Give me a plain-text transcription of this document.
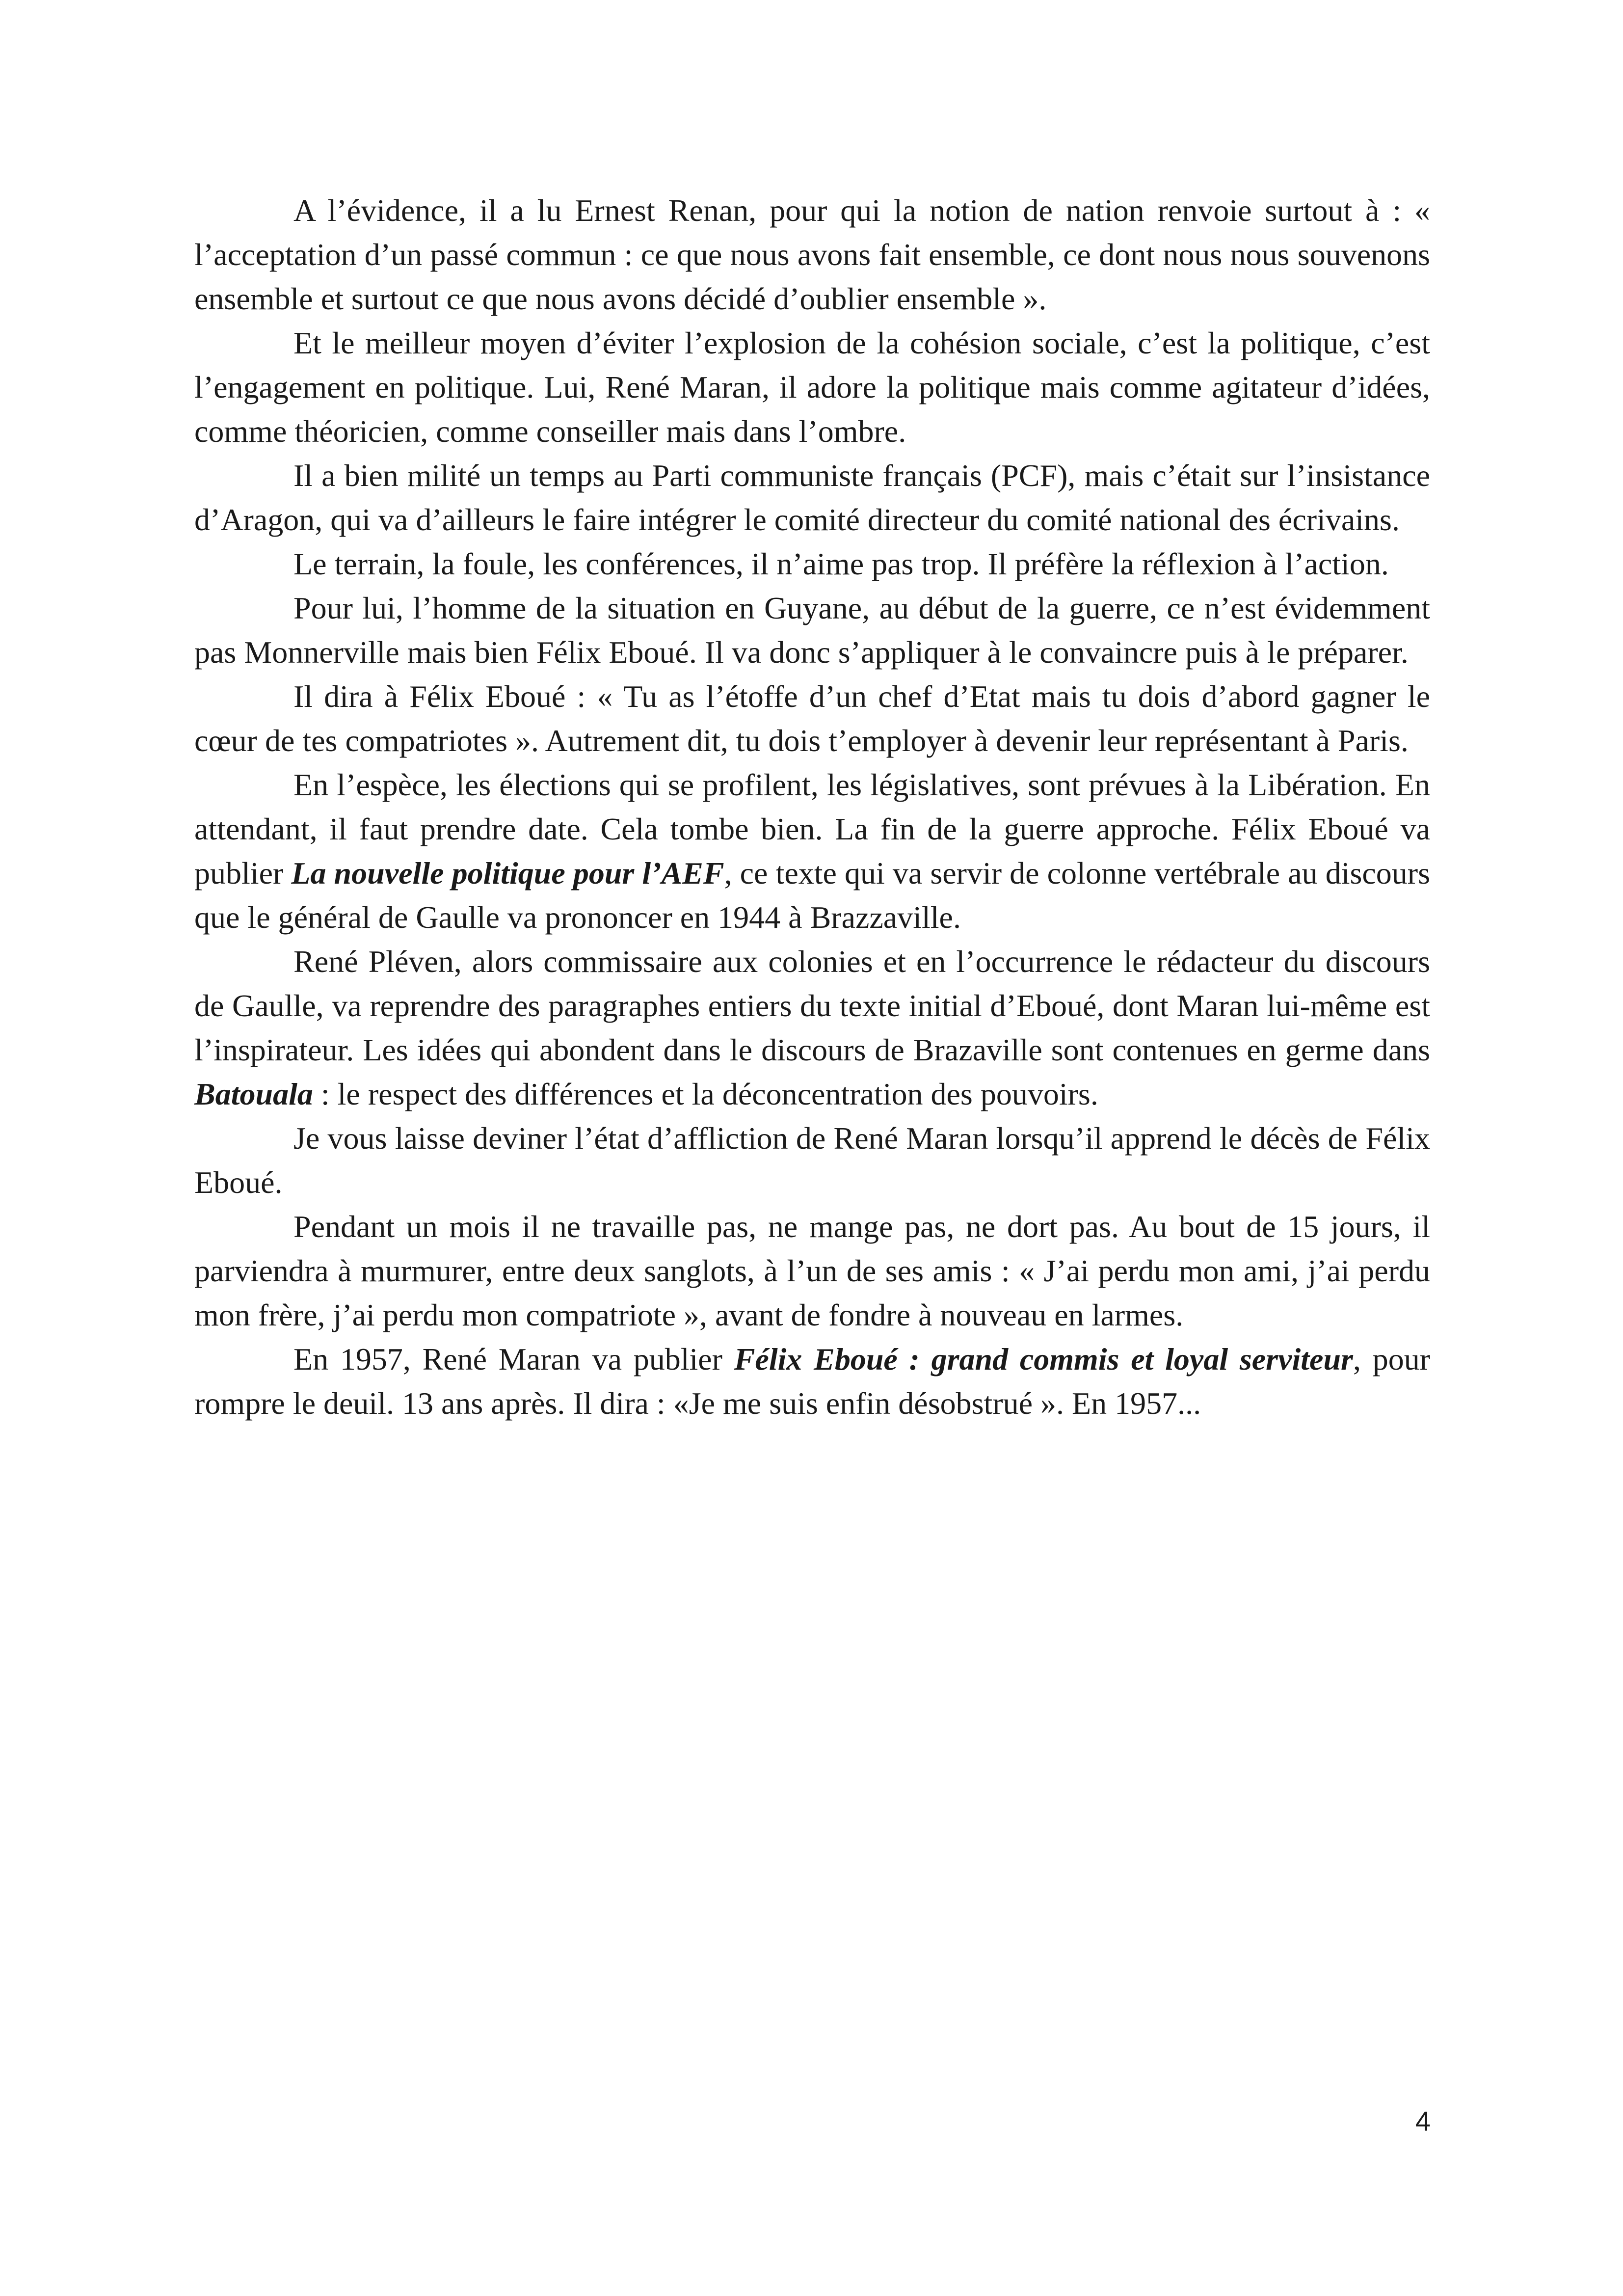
A l’évidence, il a lu Ernest Renan, pour qui la notion de nation renvoie surtout à : « l’acceptation d’un passé commun : ce que nous avons fait ensemble, ce dont nous nous souvenons ensemble et surtout ce que nous avons décidé d’oublier ensemble ».

Et le meilleur moyen d’éviter l’explosion de la cohésion sociale, c’est la politique, c’est l’engagement en politique. Lui, René Maran, il adore la politique mais comme agitateur d’idées, comme théoricien, comme conseiller mais dans l’ombre.

Il a bien milité un temps au Parti communiste français (PCF), mais c’était sur l’insistance d’Aragon, qui va d’ailleurs le faire intégrer le comité directeur du comité national des écrivains.

Le terrain, la foule, les conférences, il n’aime pas trop. Il préfère la réflexion à l’action.

Pour lui, l’homme de la situation en Guyane, au début de la guerre, ce n’est évidemment pas Monnerville mais bien Félix Eboué. Il va donc s’appliquer à le convaincre puis à le préparer.

Il dira à Félix Eboué : « Tu as l’étoffe d’un chef d’Etat mais tu dois d’abord gagner le cœur de tes compatriotes ». Autrement dit, tu dois t’employer à devenir leur représentant à Paris.

En l’espèce, les élections qui se profilent, les législatives, sont prévues à la Libération. En attendant, il faut prendre date. Cela tombe bien. La fin de la guerre approche. Félix Eboué va publier La nouvelle politique pour l’AEF, ce texte qui va servir de colonne vertébrale au discours que le général de Gaulle va prononcer en 1944 à Brazzaville.

René Pléven, alors commissaire aux colonies et en l’occurrence le rédacteur du discours de Gaulle, va reprendre des paragraphes entiers du texte initial d’Eboué, dont Maran lui-même est l’inspirateur. Les idées qui abondent dans le discours de Brazaville sont contenues en germe dans Batouala : le respect des différences et la déconcentration des pouvoirs.

Je vous laisse deviner l’état d’affliction de René Maran lorsqu’il apprend le décès de Félix Eboué.

Pendant un mois il ne travaille pas, ne mange pas, ne dort pas. Au bout de 15 jours, il parviendra à murmurer, entre deux sanglots, à l’un de ses amis : « J’ai perdu mon ami, j’ai perdu mon frère, j’ai perdu mon compatriote », avant de fondre à nouveau en larmes.

En 1957, René Maran va publier Félix Eboué : grand commis et loyal serviteur, pour rompre le deuil. 13 ans après. Il dira : «Je me suis enfin désobstrué ». En 1957...

4
